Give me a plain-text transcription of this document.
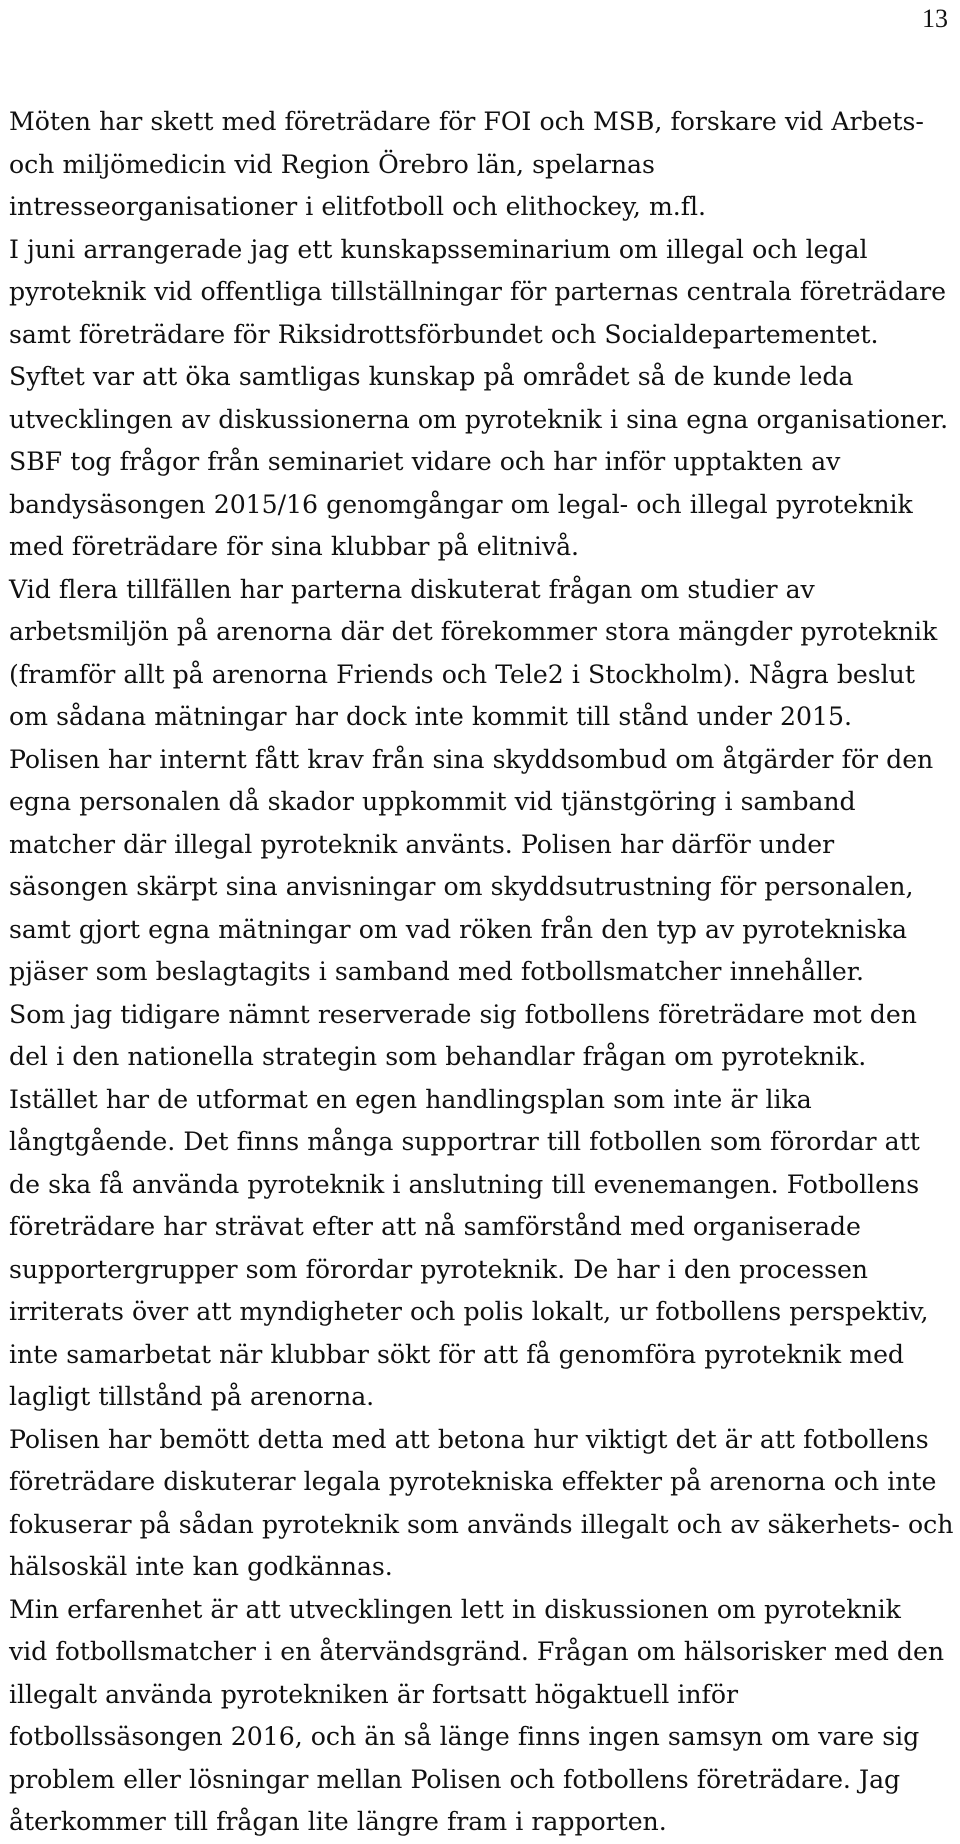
13
Möten har skett med företrädare för FOI och MSB, forskare vid Arbets-
och miljömedicin vid Region Örebro län, spelarnas
intresseorganisationer i elitfotboll och elithockey, m.fl.
I juni arrangerade jag ett kunskapsseminarium om illegal och legal
pyroteknik vid offentliga tillställningar för parternas centrala företrädare
samt företrädare för Riksidrottsförbundet och Socialdepartementet.
Syftet var att öka samtligas kunskap på området så de kunde leda
utvecklingen av diskussionerna om pyroteknik i sina egna organisationer.
SBF tog frågor från seminariet vidare och har inför upptakten av
bandysäsongen 2015/16 genomgångar om legal- och illegal pyroteknik
med företrädare för sina klubbar på elitnivå.
Vid flera tillfällen har parterna diskuterat frågan om studier av
arbetsmiljön på arenorna där det förekommer stora mängder pyroteknik
(framför allt på arenorna Friends och Tele2 i Stockholm). Några beslut
om sådana mätningar har dock inte kommit till stånd under 2015.
Polisen har internt fått krav från sina skyddsombud om åtgärder för den
egna personalen då skador uppkommit vid tjänstgöring i samband
matcher där illegal pyroteknik använts. Polisen har därför under
säsongen skärpt sina anvisningar om skyddsutrustning för personalen,
samt gjort egna mätningar om vad röken från den typ av pyrotekniska
pjäser som beslagtagits i samband med fotbollsmatcher innehåller.
Som jag tidigare nämnt reserverade sig fotbollens företrädare mot den
del i den nationella strategin som behandlar frågan om pyroteknik.
Istället har de utformat en egen handlingsplan som inte är lika
långtgående. Det finns många supportrar till fotbollen som förordar att
de ska få använda pyroteknik i anslutning till evenemangen. Fotbollens
företrädare har strävat efter att nå samförstånd med organiserade
supportergrupper som förordar pyroteknik. De har i den processen
irriterats över att myndigheter och polis lokalt, ur fotbollens perspektiv,
inte samarbetat när klubbar sökt för att få genomföra pyroteknik med
lagligt tillstånd på arenorna.
Polisen har bemött detta med att betona hur viktigt det är att fotbollens
företrädare diskuterar legala pyrotekniska effekter på arenorna och inte
fokuserar på sådan pyroteknik som används illegalt och av säkerhets- och
hälsoskäl inte kan godkännas.
Min erfarenhet är att utvecklingen lett in diskussionen om pyroteknik
vid fotbollsmatcher i en återvändsgränd. Frågan om hälsorisker med den
illegalt använda pyrotekniken är fortsatt högaktuell inför
fotbollssäsongen 2016, och än så länge finns ingen samsyn om vare sig
problem eller lösningar mellan Polisen och fotbollens företrädare. Jag
återkommer till frågan lite längre fram i rapporten.
